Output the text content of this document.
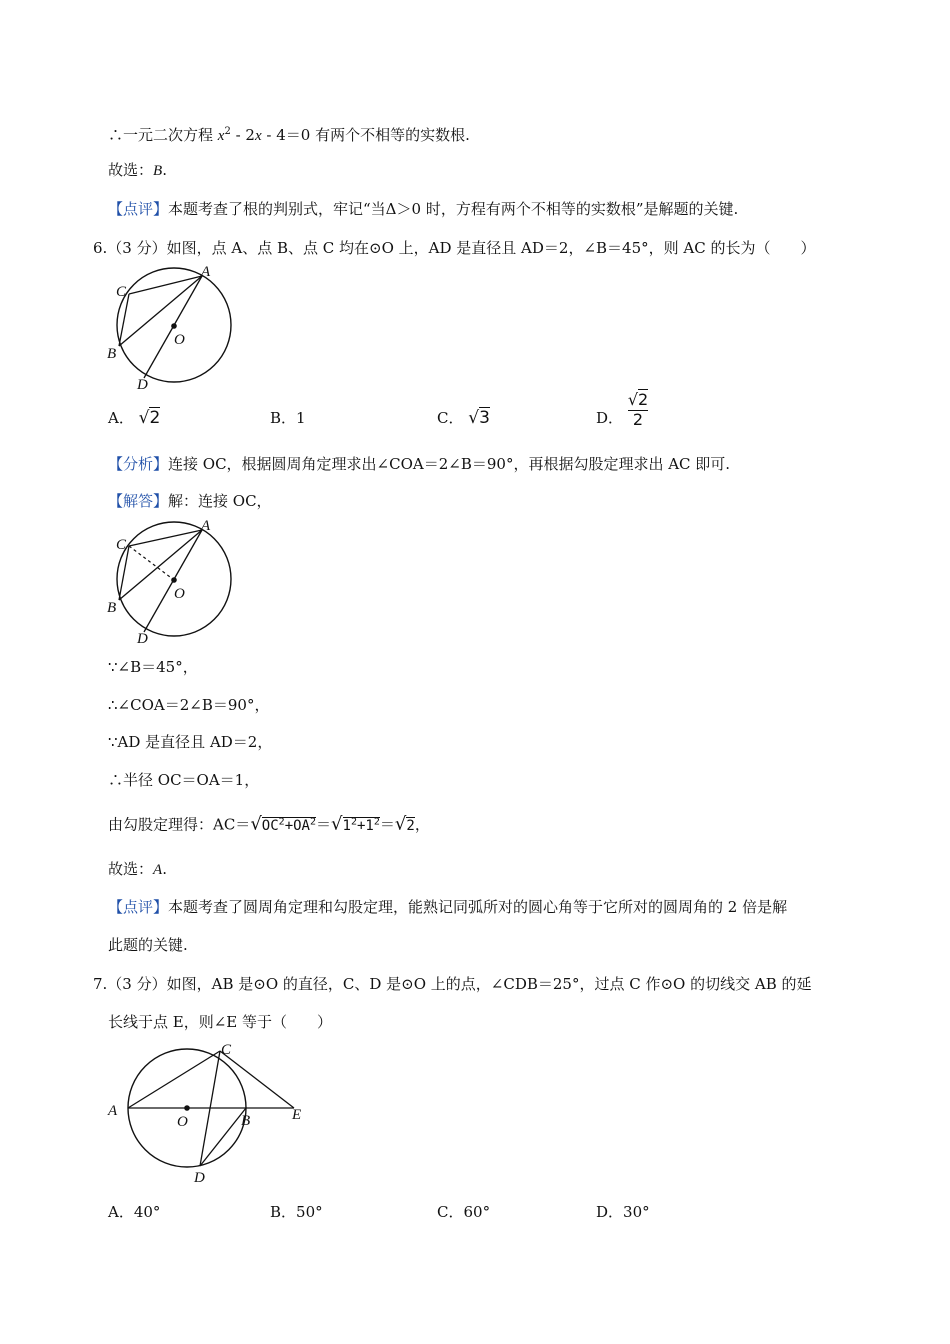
∴一元二次方程 $x^2 - 2x - 4=0$ 有两个不相等的实数根.
故选：B.
【点评】本题考查了根的判别式，牢记“当Δ＞0 时，方程有两个不相等的实数根”是解题的关键.
6.（3 分）如图，点 A、点 B、点 C 均在⊙O 上，AD 是直径且 AD＝2，∠B＝45°，则 AC 的长为（　　）
A
C
B
O
D
A． √2	B．1	C． √3	D． $\frac{√2}{2}$
【分析】连接 OC，根据圆周角定理求出∠COA＝2∠B＝90°，再根据勾股定理求出 AC 即可.
【解答】解：连接 OC，
A
C
B
O
D
∵∠B＝45°，
∴∠COA＝2∠B＝90°，
∵AD 是直径且 AD＝2，
∴半径 OC＝OA＝1，
由勾股定理得：$AC=√OC^2+OA^2=√1^2+1^2=√2$，
故选：A.
【点评】本题考查了圆周角定理和勾股定理，能熟记同弧所对的圆心角等于它所对的圆周角的 2 倍是解
此题的关键.
7.（3 分）如图，AB 是⊙O 的直径，C、D 是⊙O 上的点，∠CDB＝25°，过点 C 作⊙O 的切线交 AB 的延
长线于点 E，则∠E 等于（　　）
C
A
O	B	E
D
A．40°	B．50°	C．60°	D．30°
